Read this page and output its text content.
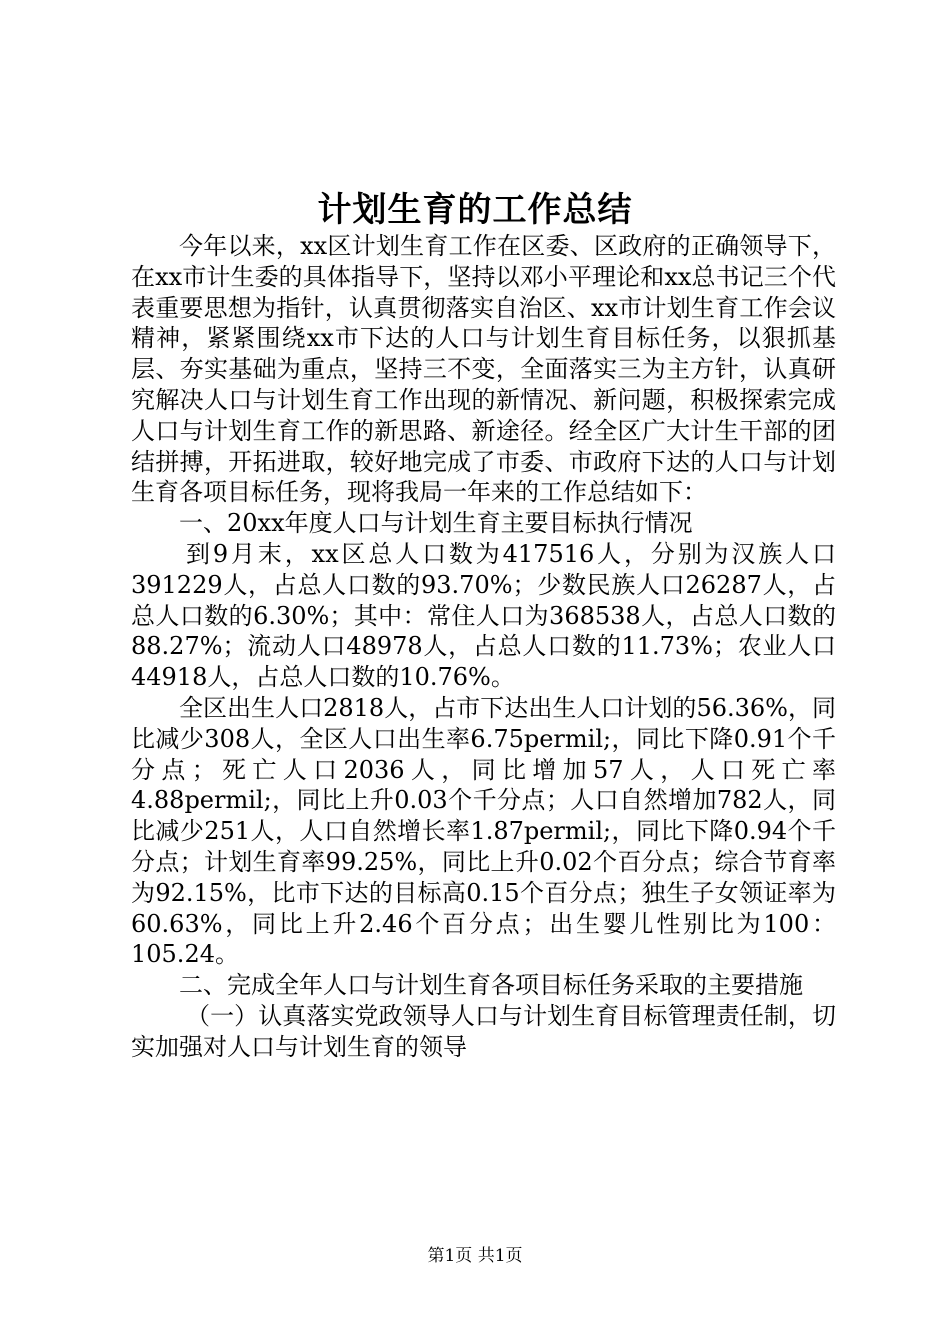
计划生育的工作总结

今年以来，xx区计划生育工作在区委、区政府的正确领导下，在xx市计生委的具体指导下，坚持以邓小平理论和xx总书记三个代表重要思想为指针，认真贯彻落实自治区、xx市计划生育工作会议精神，紧紧围绕xx市下达的人口与计划生育目标任务，以狠抓基层、夯实基础为重点，坚持三不变，全面落实三为主方针，认真研究解决人口与计划生育工作出现的新情况、新问题，积极探索完成人口与计划生育工作的新思路、新途径。经全区广大计生干部的团结拼搏，开拓进取，较好地完成了市委、市政府下达的人口与计划生育各项目标任务，现将我局一年来的工作总结如下：

一、20xx年度人口与计划生育主要目标执行情况

到9月末，xx区总人口数为417516人，分别为汉族人口391229人，占总人口数的93.70%；少数民族人口26287人，占总人口数的6.30%；其中：常住人口为368538人，占总人口数的88.27%；流动人口48978人，占总人口数的11.73%；农业人口44918人，占总人口数的10.76%。

全区出生人口2818人，占市下达出生人口计划的56.36%，同比减少308人，全区人口出生率6.75permil;，同比下降0.91个千分点；死亡人口2036人，同比增加57人，人口死亡率4.88permil;，同比上升0.03个千分点；人口自然增加782人，同比减少251人，人口自然增长率1.87permil;，同比下降0.94个千分点；计划生育率99.25%，同比上升0.02个百分点；综合节育率为92.15%，比市下达的目标高0.15个百分点；独生子女领证率为60.63%，同比上升2.46个百分点；出生婴儿性别比为100：105.24。

二、完成全年人口与计划生育各项目标任务采取的主要措施

（一）认真落实党政领导人口与计划生育目标管理责任制，切实加强对人口与计划生育的领导

第1页 共1页
